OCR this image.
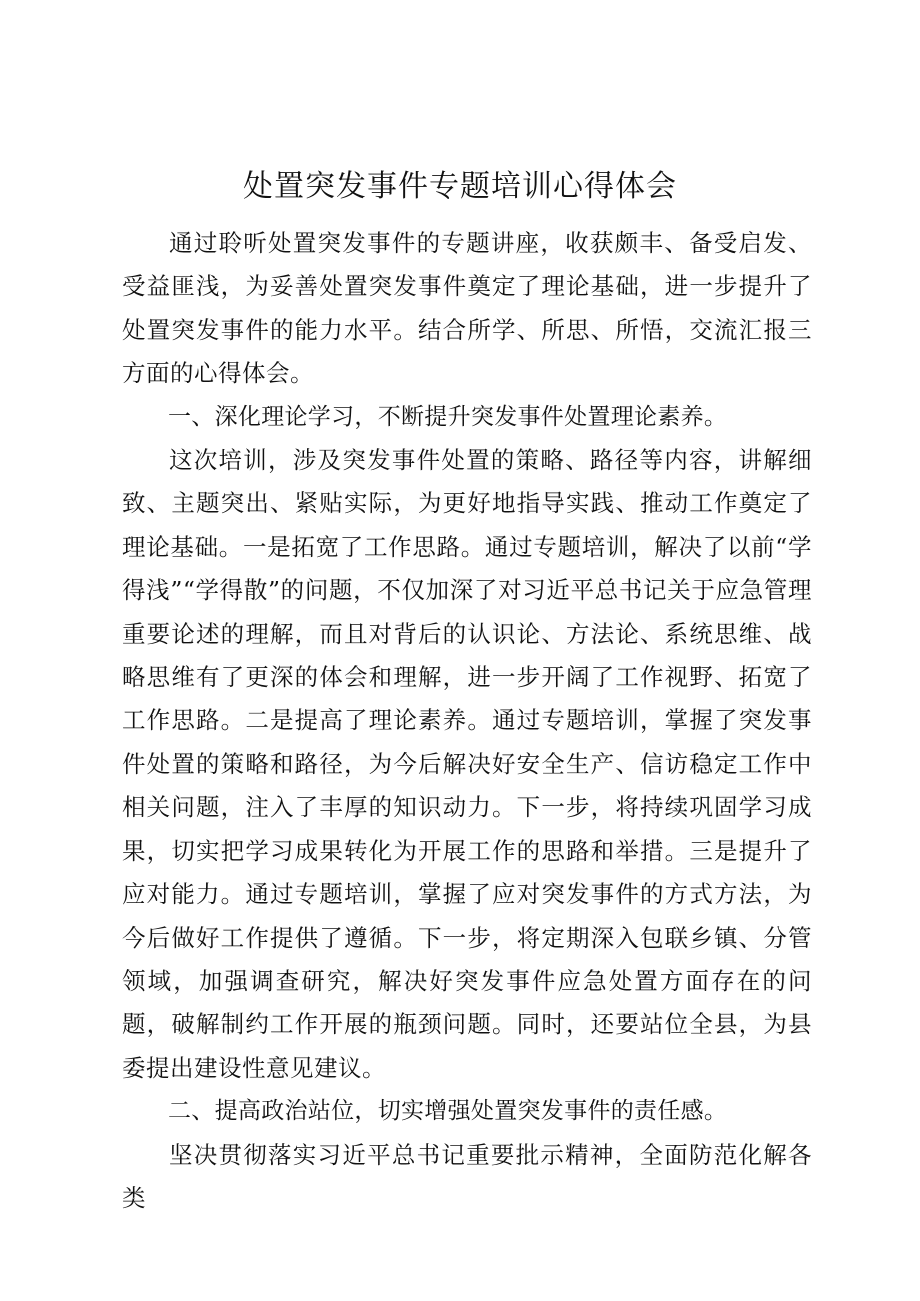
处置突发事件专题培训心得体会

通过聆听处置突发事件的专题讲座，收获颇丰、备受启发、受益匪浅，为妥善处置突发事件奠定了理论基础，进一步提升了处置突发事件的能力水平。结合所学、所思、所悟，交流汇报三方面的心得体会。

一、深化理论学习，不断提升突发事件处置理论素养。

这次培训，涉及突发事件处置的策略、路径等内容，讲解细致、主题突出、紧贴实际，为更好地指导实践、推动工作奠定了理论基础。一是拓宽了工作思路。通过专题培训，解决了以前“学得浅”“学得散”的问题，不仅加深了对习近平总书记关于应急管理重要论述的理解，而且对背后的认识论、方法论、系统思维、战略思维有了更深的体会和理解，进一步开阔了工作视野、拓宽了工作思路。二是提高了理论素养。通过专题培训，掌握了突发事件处置的策略和路径，为今后解决好安全生产、信访稳定工作中相关问题，注入了丰厚的知识动力。下一步，将持续巩固学习成果，切实把学习成果转化为开展工作的思路和举措。三是提升了应对能力。通过专题培训，掌握了应对突发事件的方式方法，为今后做好工作提供了遵循。下一步，将定期深入包联乡镇、分管领域，加强调查研究，解决好突发事件应急处置方面存在的问题，破解制约工作开展的瓶颈问题。同时，还要站位全县，为县委提出建设性意见建议。

二、提高政治站位，切实增强处置突发事件的责任感。

坚决贯彻落实习近平总书记重要批示精神，全面防范化解各类
